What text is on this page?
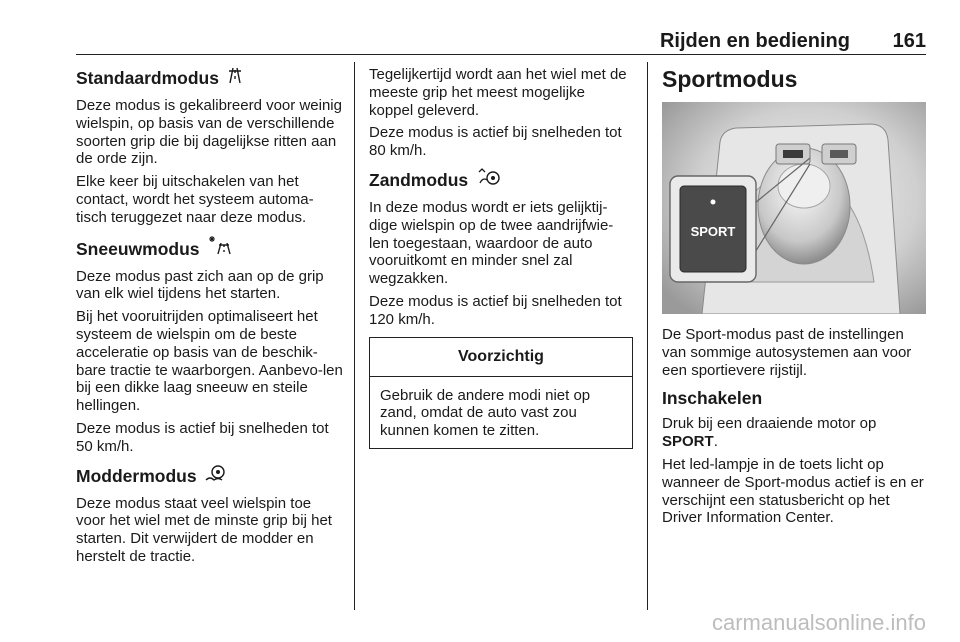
Rijden en bediening 161
Standaardmodus

Deze modus is gekalibreerd voor weinig wielspin, op basis van de verschillende soorten grip die bij dagelijkse ritten aan de orde zijn.

Elke keer bij uitschakelen van het contact, wordt het systeem automa-tisch teruggezet naar deze modus.

Sneeuwmodus

Deze modus past zich aan op de grip van elk wiel tijdens het starten.

Bij het vooruitrijden optimaliseert het systeem de wielspin om de beste acceleratie op basis van de beschik-bare tractie te waarborgen. Aanbevo-len bij een dikke laag sneeuw en steile hellingen.

Deze modus is actief bij snelheden tot 50 km/h.

Moddermodus

Deze modus staat veel wielspin toe voor het wiel met de minste grip bij het starten. Dit verwijdert de modder en herstelt de tractie.

Tegelijkertijd wordt aan het wiel met de meeste grip het meest mogelijke koppel geleverd.

Deze modus is actief bij snelheden tot 80 km/h.

Zandmodus

In deze modus wordt er iets gelijktij-dige wielspin op de twee aandrijfwie-len toegestaan, waardoor de auto vooruitkomt en minder snel zal wegzakken.

Deze modus is actief bij snelheden tot 120 km/h.

Voorzichtig

Gebruik de andere modi niet op zand, omdat de auto vast zou kunnen komen te zitten.

Sportmodus
SPORT

De Sport-modus past de instellingen van sommige autosystemen aan voor een sportievere rijstijl.

Inschakelen

Druk bij een draaiende motor op
SPORT.

Het led-lampje in de toets licht op wanneer de Sport-modus actief is en er verschijnt een statusbericht op het Driver Information Center.

carmanualsonline.info
